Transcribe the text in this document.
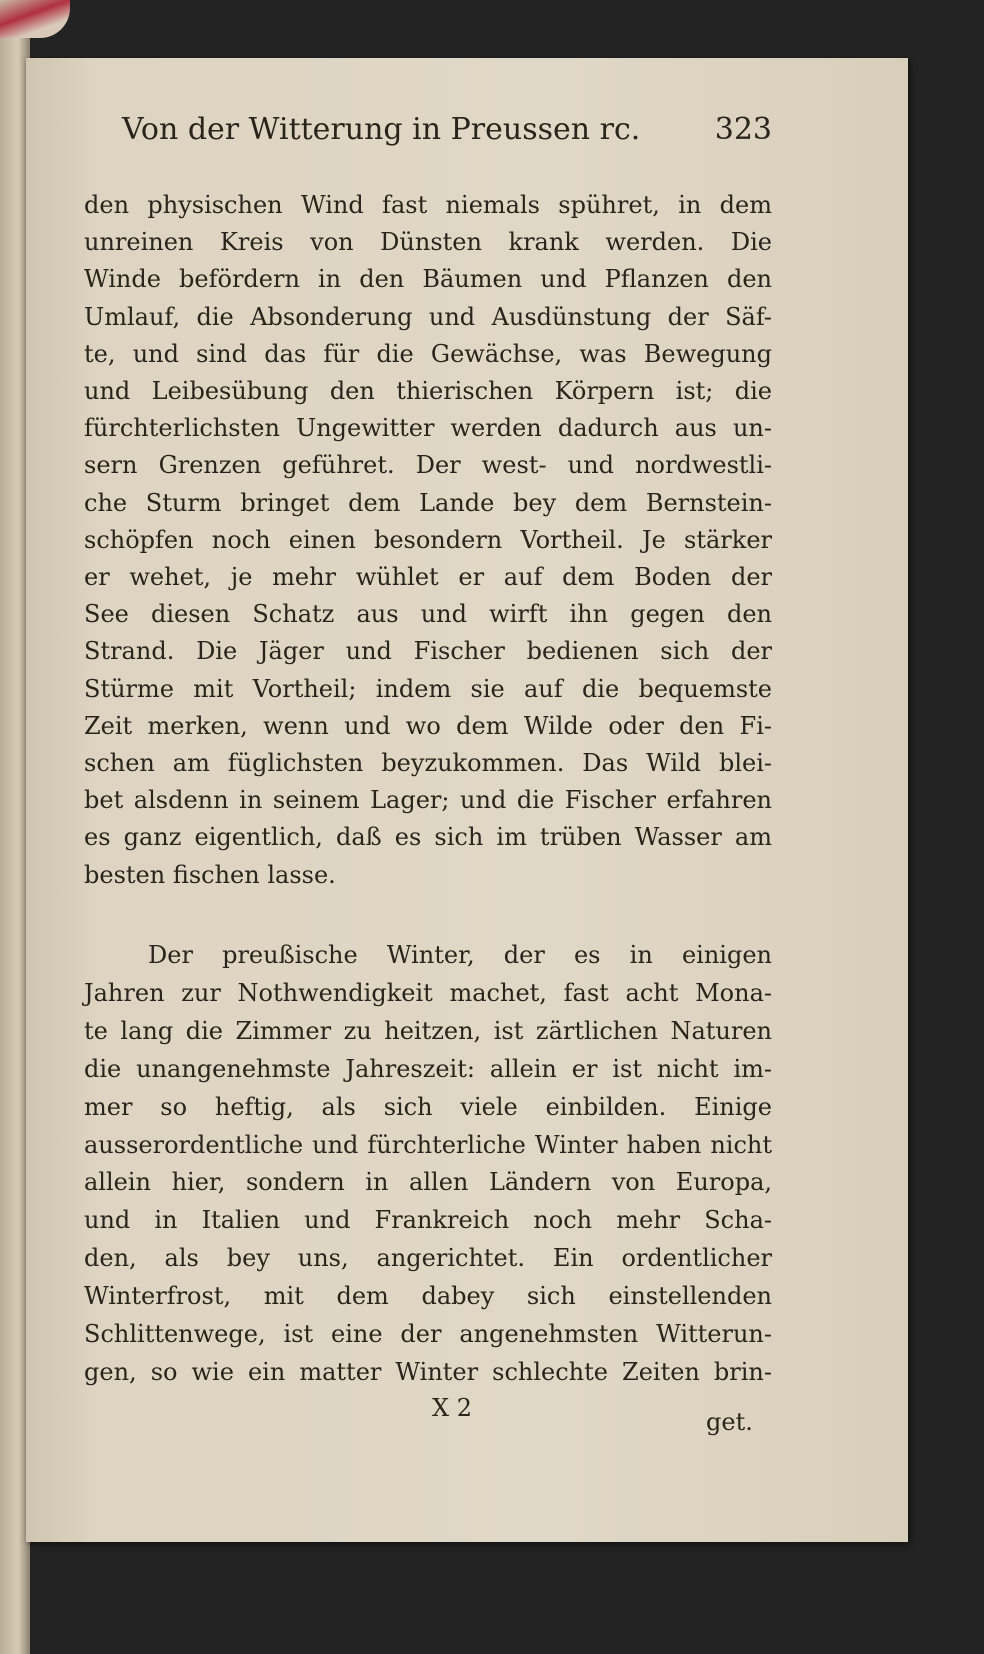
Von der Witterung in Preussen rc. 323
den physischen Wind fast niemals spühret, in dem
unreinen Kreis von Dünsten krank werden. Die
Winde befördern in den Bäumen und Pflanzen den
Umlauf, die Absonderung und Ausdünstung der Säf-
te, und sind das für die Gewächse, was Bewegung
und Leibesübung den thierischen Körpern ist; die
fürchterlichsten Ungewitter werden dadurch aus un-
sern Grenzen geführet. Der west- und nordwestli-
che Sturm bringet dem Lande bey dem Bernstein-
schöpfen noch einen besondern Vortheil. Je stärker
er wehet, je mehr wühlet er auf dem Boden der
See diesen Schatz aus und wirft ihn gegen den
Strand. Die Jäger und Fischer bedienen sich der
Stürme mit Vortheil; indem sie auf die bequemste
Zeit merken, wenn und wo dem Wilde oder den Fi-
schen am füglichsten beyzukommen. Das Wild blei-
bet alsdenn in seinem Lager; und die Fischer erfahren
es ganz eigentlich, daß es sich im trüben Wasser am
besten fischen lasse.
Der preußische Winter, der es in einigen
Jahren zur Nothwendigkeit machet, fast acht Mona-
te lang die Zimmer zu heitzen, ist zärtlichen Naturen
die unangenehmste Jahreszeit: allein er ist nicht im-
mer so heftig, als sich viele einbilden. Einige
ausserordentliche und fürchterliche Winter haben nicht
allein hier, sondern in allen Ländern von Europa,
und in Italien und Frankreich noch mehr Scha-
den, als bey uns, angerichtet. Ein ordentlicher
Winterfrost, mit dem dabey sich einstellenden
Schlittenwege, ist eine der angenehmsten Witterun-
gen, so wie ein matter Winter schlechte Zeiten brin-
X 2	get.
